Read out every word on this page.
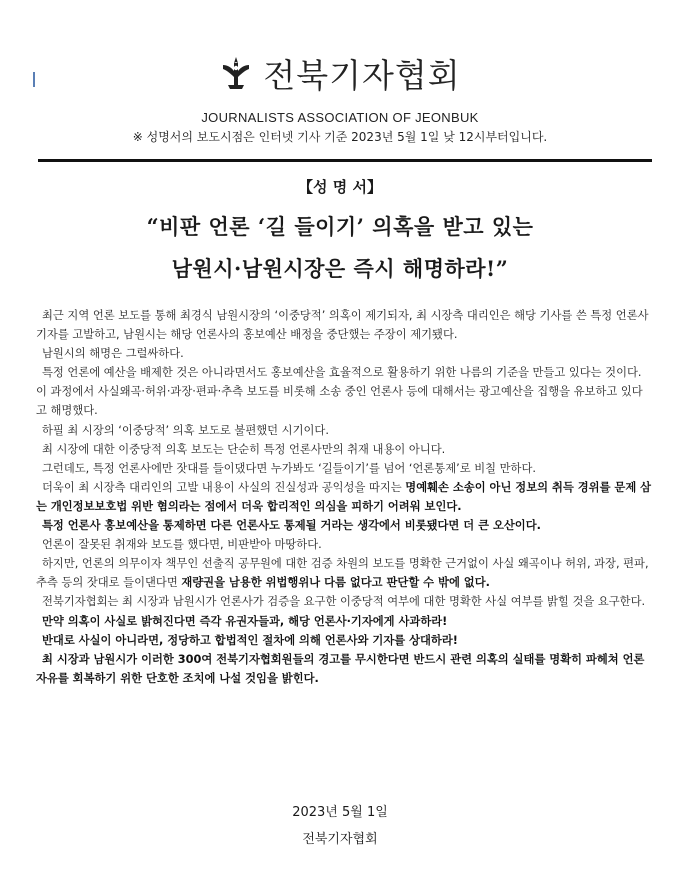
전북기자협회
JOURNALISTS ASSOCIATION OF JEONBUK
※ 성명서의 보도시점은 인터넷 기사 기준 2023년 5월 1일 낮 12시부터입니다.
【성 명 서】
“비판 언론 ‘길 들이기’ 의혹을 받고 있는
남원시·남원시장은 즉시 해명하라!”

최근 지역 언론 보도를 통해 최경식 남원시장의 ‘이중당적’ 의혹이 제기되자, 최 시장측 대리인은 해당 기사를 쓴 특정 언론사 기자를 고발하고, 남원시는 해당 언론사의 홍보예산 배정을 중단했는 주장이 제기됐다.

남원시의 해명은 그럴싸하다.

특정 언론에 예산을 배제한 것은 아니라면서도 홍보예산을 효율적으로 활용하기 위한 나름의 기준을 만들고 있다는 것이다. 이 과정에서 사실왜곡·허위·과장·편파·추측 보도를 비롯해 소송 중인 언론사 등에 대해서는 광고예산을 집행을 유보하고 있다고 해명했다.

하필 최 시장의 ‘이중당적’ 의혹 보도로 불편했던 시기이다.

최 시장에 대한 이중당적 의혹 보도는 단순히 특정 언론사만의 취재 내용이 아니다.

그런데도, 특정 언론사에만 잣대를 들이댔다면 누가봐도 ‘길들이기’를 넘어 ‘언론통제’로 비칠 만하다.

더욱이 최 시장측 대리인의 고발 내용이 사실의 진실성과 공익성을 따지는 명예훼손 소송이 아닌 정보의 취득 경위를 문제 삼는 개인정보보호법 위반 혐의라는 점에서 더욱 합리적인 의심을 피하기 어려워 보인다.

특정 언론사 홍보예산을 통제하면 다른 언론사도 통제될 거라는 생각에서 비롯됐다면 더 큰 오산이다.

언론이 잘못된 취재와 보도를 했다면, 비판받아 마땅하다.

하지만, 언론의 의무이자 책무인 선출직 공무원에 대한 검증 차원의 보도를 명확한 근거없이 사실 왜곡이나 허위, 과장, 편파, 추측 등의 잣대로 들이댄다면 재량권을 남용한 위법행위나 다름 없다고 판단할 수 밖에 없다.

전북기자협회는 최 시장과 남원시가 언론사가 검증을 요구한 이중당적 여부에 대한 명확한 사실 여부를 밝힐 것을 요구한다.

만약 의혹이 사실로 밝혀진다면 즉각 유권자들과, 해당 언론사·기자에게 사과하라!

반대로 사실이 아니라면, 정당하고 합법적인 절차에 의해 언론사와 기자를 상대하라!

최 시장과 남원시가 이러한 300여 전북기자협회원들의 경고를 무시한다면 반드시 관련 의혹의 실태를 명확히 파헤쳐 언론자유를 회복하기 위한 단호한 조치에 나설 것임을 밝힌다.

2023년 5월 1일
전북기자협회
